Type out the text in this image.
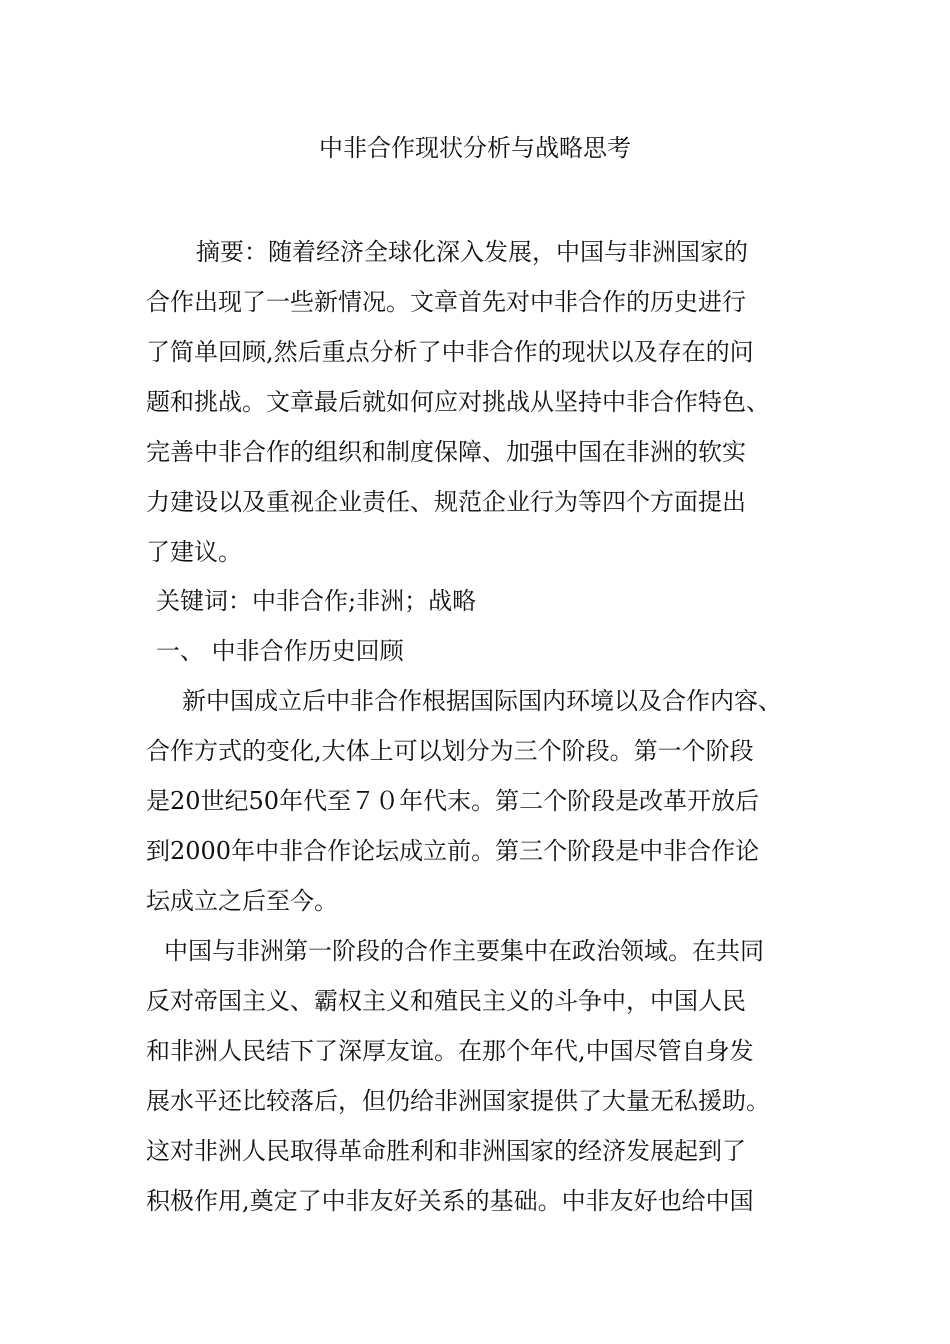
中非合作现状分析与战略思考
摘要：随着经济全球化深入发展，中国与非洲国家的
合作出现了一些新情况。文章首先对中非合作的历史进行
了简单回顾,然后重点分析了中非合作的现状以及存在的问
题和挑战。文章最后就如何应对挑战从坚持中非合作特色、
完善中非合作的组织和制度保障、加强中国在非洲的软实
力建设以及重视企业责任、规范企业行为等四个方面提出
了建议。
关键词：中非合作;非洲；战略
一、 中非合作历史回顾
新中国成立后中非合作根据国际国内环境以及合作内容、
合作方式的变化,大体上可以划分为三个阶段。第一个阶段
是20世纪50年代至７０年代末。第二个阶段是改革开放后
到2000年中非合作论坛成立前。第三个阶段是中非合作论
坛成立之后至今。
中国与非洲第一阶段的合作主要集中在政治领域。在共同
反对帝国主义、霸权主义和殖民主义的斗争中，中国人民
和非洲人民结下了深厚友谊。在那个年代,中国尽管自身发
展水平还比较落后，但仍给非洲国家提供了大量无私援助。
这对非洲人民取得革命胜利和非洲国家的经济发展起到了
积极作用,奠定了中非友好关系的基础。中非友好也给中国
